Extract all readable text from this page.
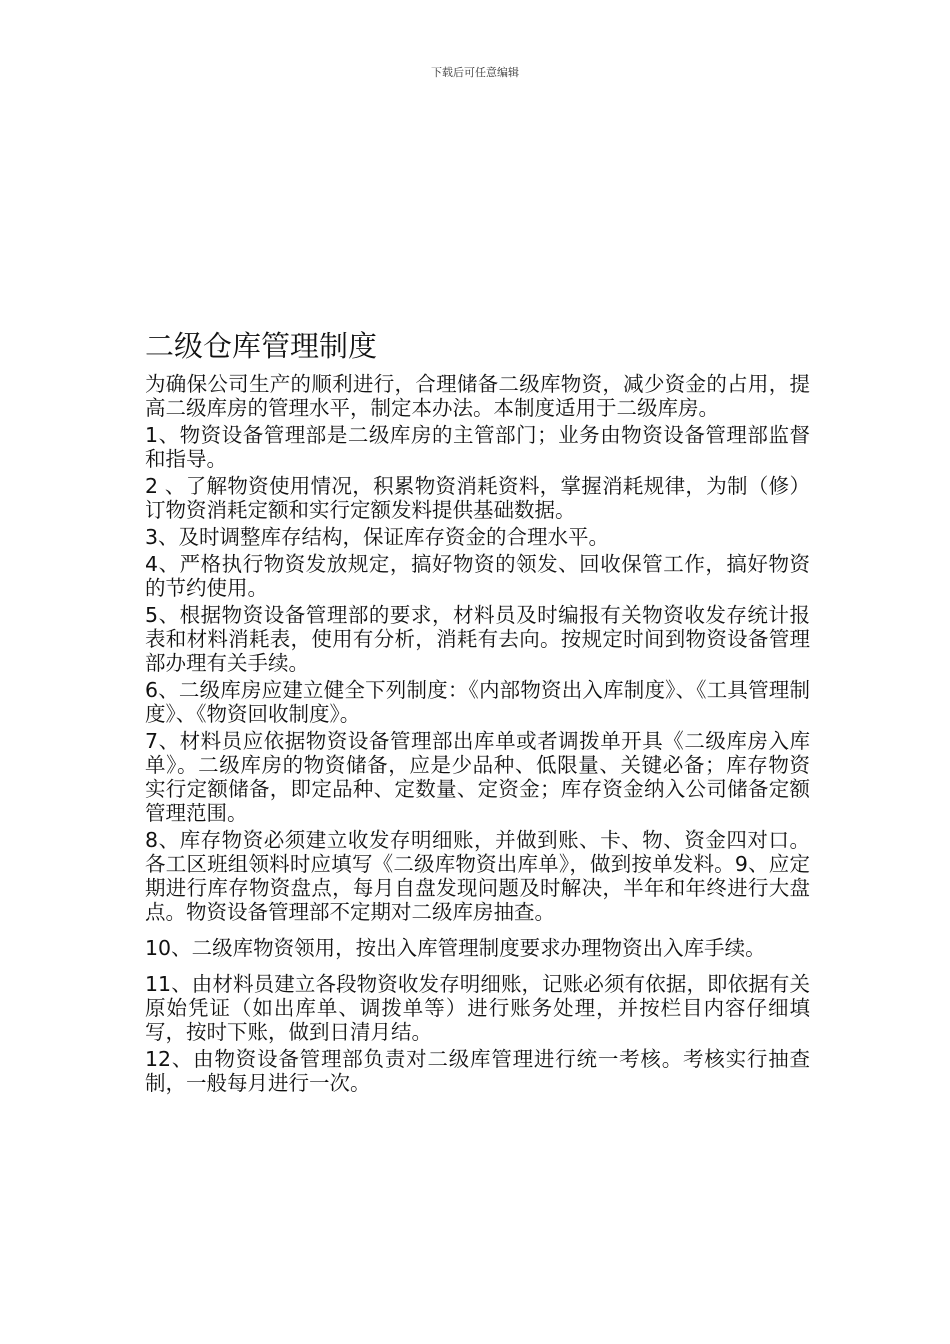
下载后可任意编辑
二级仓库管理制度

为确保公司生产的顺利进行，合理储备二级库物资，减少资金的占用，提高二级库房的管理水平，制定本办法。本制度适用于二级库房。

1、物资设备管理部是二级库房的主管部门；业务由物资设备管理部监督和指导。

2 、了解物资使用情况，积累物资消耗资料，掌握消耗规律，为制（修）订物资消耗定额和实行定额发料提供基础数据。

3、及时调整库存结构，保证库存资金的合理水平。

4、严格执行物资发放规定，搞好物资的领发、回收保管工作，搞好物资的节约使用。

5、根据物资设备管理部的要求，材料员及时编报有关物资收发存统计报表和材料消耗表，使用有分析，消耗有去向。按规定时间到物资设备管理部办理有关手续。

6、二级库房应建立健全下列制度：《内部物资出入库制度》、《工具管理制度》、《物资回收制度》。

7、材料员应依据物资设备管理部出库单或者调拨单开具《二级库房入库单》。二级库房的物资储备，应是少品种、低限量、关键必备；库存物资实行定额储备，即定品种、定数量、定资金；库存资金纳入公司储备定额管理范围。

8、库存物资必须建立收发存明细账，并做到账、卡、物、资金四对口。各工区班组领料时应填写《二级库物资出库单》，做到按单发料。9、应定期进行库存物资盘点，每月自盘发现问题及时解决，半年和年终进行大盘点。物资设备管理部不定期对二级库房抽查。

10、二级库物资领用，按出入库管理制度要求办理物资出入库手续。

11、由材料员建立各段物资收发存明细账，记账必须有依据，即依据有关原始凭证（如出库单、调拨单等）进行账务处理，并按栏目内容仔细填写，按时下账，做到日清月结。

12、由物资设备管理部负责对二级库管理进行统一考核。考核实行抽查制，一般每月进行一次。
